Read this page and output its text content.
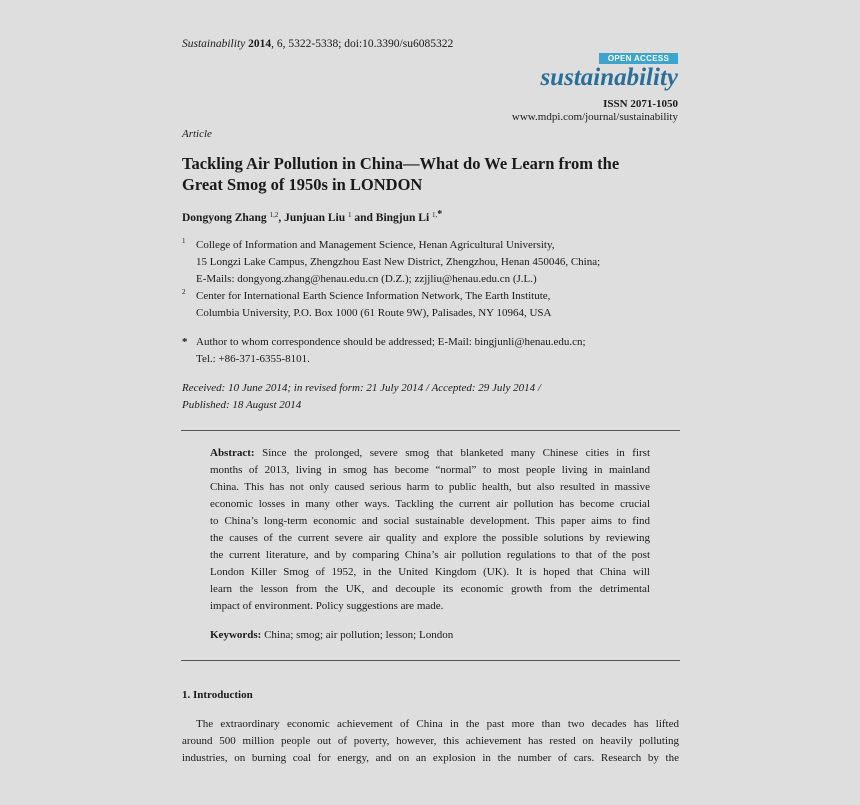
Sustainability 2014, 6, 5322-5338; doi:10.3390/su6085322
OPEN ACCESS
sustainability
ISSN 2071-1050
www.mdpi.com/journal/sustainability
Article
Tackling Air Pollution in China—What do We Learn from the
Great Smog of 1950s in LONDON
Dongyong Zhang $^{1,2}$, Junjuan Liu $^1$ and Bingjun Li $^{1,*}$
1 College of Information and Management Science, Henan Agricultural University,
15 Longzi Lake Campus, Zhengzhou East New District, Zhengzhou, Henan 450046, China;
E-Mails: dongyong.zhang@henau.edu.cn (D.Z.); zzjjliu@henau.edu.cn (J.L.)
2 Center for International Earth Science Information Network, The Earth Institute,
Columbia University, P.O. Box 1000 (61 Route 9W), Palisades, NY 10964, USA
* Author to whom correspondence should be addressed; E-Mail: bingjunli@henau.edu.cn;
Tel.: +86-371-6355-8101.
Received: 10 June 2014; in revised form: 21 July 2014 / Accepted: 29 July 2014 /
Published: 18 August 2014
Abstract: Since the prolonged, severe smog that blanketed many Chinese cities in first
months of 2013, living in smog has become “normal” to most people living in mainland
China. This has not only caused serious harm to public health, but also resulted in massive
economic losses in many other ways. Tackling the current air pollution has become crucial
to China’s long-term economic and social sustainable development. This paper aims to find
the causes of the current severe air quality and explore the possible solutions by reviewing
the current literature, and by comparing China’s air pollution regulations to that of the post
London Killer Smog of 1952, in the United Kingdom (UK). It is hoped that China will
learn the lesson from the UK, and decouple its economic growth from the detrimental
impact of environment. Policy suggestions are made.
Keywords: China; smog; air pollution; lesson; London
1. Introduction
The extraordinary economic achievement of China in the past more than two decades has lifted
around 500 million people out of poverty, however, this achievement has rested on heavily polluting
industries, on burning coal for energy, and on an explosion in the number of cars. Research by the
